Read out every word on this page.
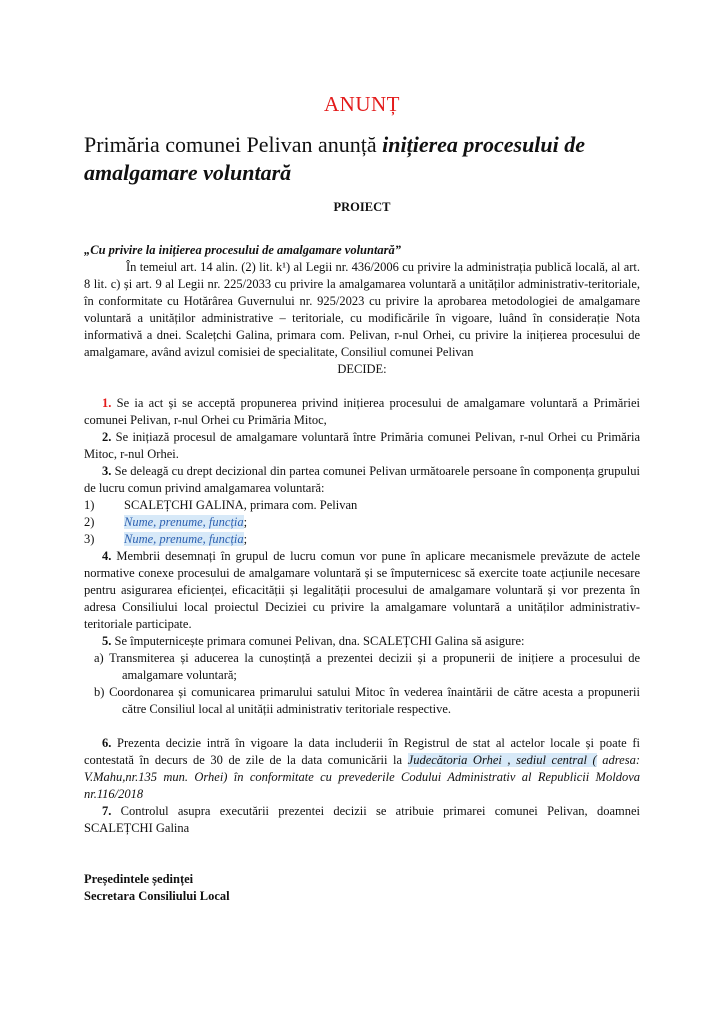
ANUNȚ
Primăria comunei Pelivan anunță inițierea procesului de amalgamare voluntară
PROIECT

„Cu privire la inițierea procesului de amalgamare voluntară”

În temeiul art. 14 alin. (2) lit. k¹) al Legii nr. 436/2006 cu privire la administrația publică locală, al art. 8 lit. c) și art. 9 al Legii nr. 225/2033 cu privire la amalgamarea voluntară a unităților administrativ-teritoriale, în conformitate cu Hotărârea Guvernului nr. 925/2023 cu privire la aprobarea metodologiei de amalgamare voluntară a unităților administrative – teritoriale, cu modificările în vigoare, luând în considerație Nota informativă a dnei. Scalețchi Galina, primara com. Pelivan, r-nul Orhei, cu privire la inițierea procesului de amalgamare, având avizul comisiei de specialitate, Consiliul comunei Pelivan

DECIDE:

1. Se ia act și se acceptă propunerea privind inițierea procesului de amalgamare voluntară a Primăriei comunei Pelivan, r-nul Orhei cu Primăria Mitoc,

2. Se inițiază procesul de amalgamare voluntară între Primăria comunei Pelivan, r-nul Orhei cu Primăria Mitoc, r-nul Orhei.

3. Se deleagă cu drept decizional din partea comunei Pelivan următoarele persoane în componența grupului de lucru comun privind amalgamarea voluntară:

1) SCALEȚCHI GALINA, primara com. Pelivan

2) Nume, prenume, funcția;

3) Nume, prenume, funcția;

4. Membrii desemnați în grupul de lucru comun vor pune în aplicare mecanismele prevăzute de actele normative conexe procesului de amalgamare voluntară și se împuternicesc să exercite toate acțiunile necesare pentru asigurarea eficienței, eficacității și legalității procesului de amalgamare voluntară și vor prezenta în adresa Consiliului local proiectul Deciziei cu privire la amalgamare voluntară a unităților administrativ-teritoriale participate.

5. Se împuternicește primara comunei Pelivan, dna. SCALEȚCHI Galina să asigure:

a) Transmiterea și aducerea la cunoștință a prezentei decizii și a propunerii de inițiere a procesului de amalgamare voluntară;

b) Coordonarea și comunicarea primarului satului Mitoc în vederea înaintării de către acesta a propunerii către Consiliul local al unității administrativ teritoriale respective.

6. Prezenta decizie intră în vigoare la data includerii în Registrul de stat al actelor locale și poate fi contestată în decurs de 30 de zile de la data comunicării la Judecătoria Orhei , sediul central ( adresa: V.Mahu,nr.135 mun. Orhei) în conformitate cu prevederile Codului Administrativ al Republicii Moldova nr.116/2018

7. Controlul asupra executării prezentei decizii se atribuie primarei comunei Pelivan, doamnei SCALEȚCHI Galina

Președintele ședinței

Secretara Consiliului Local
